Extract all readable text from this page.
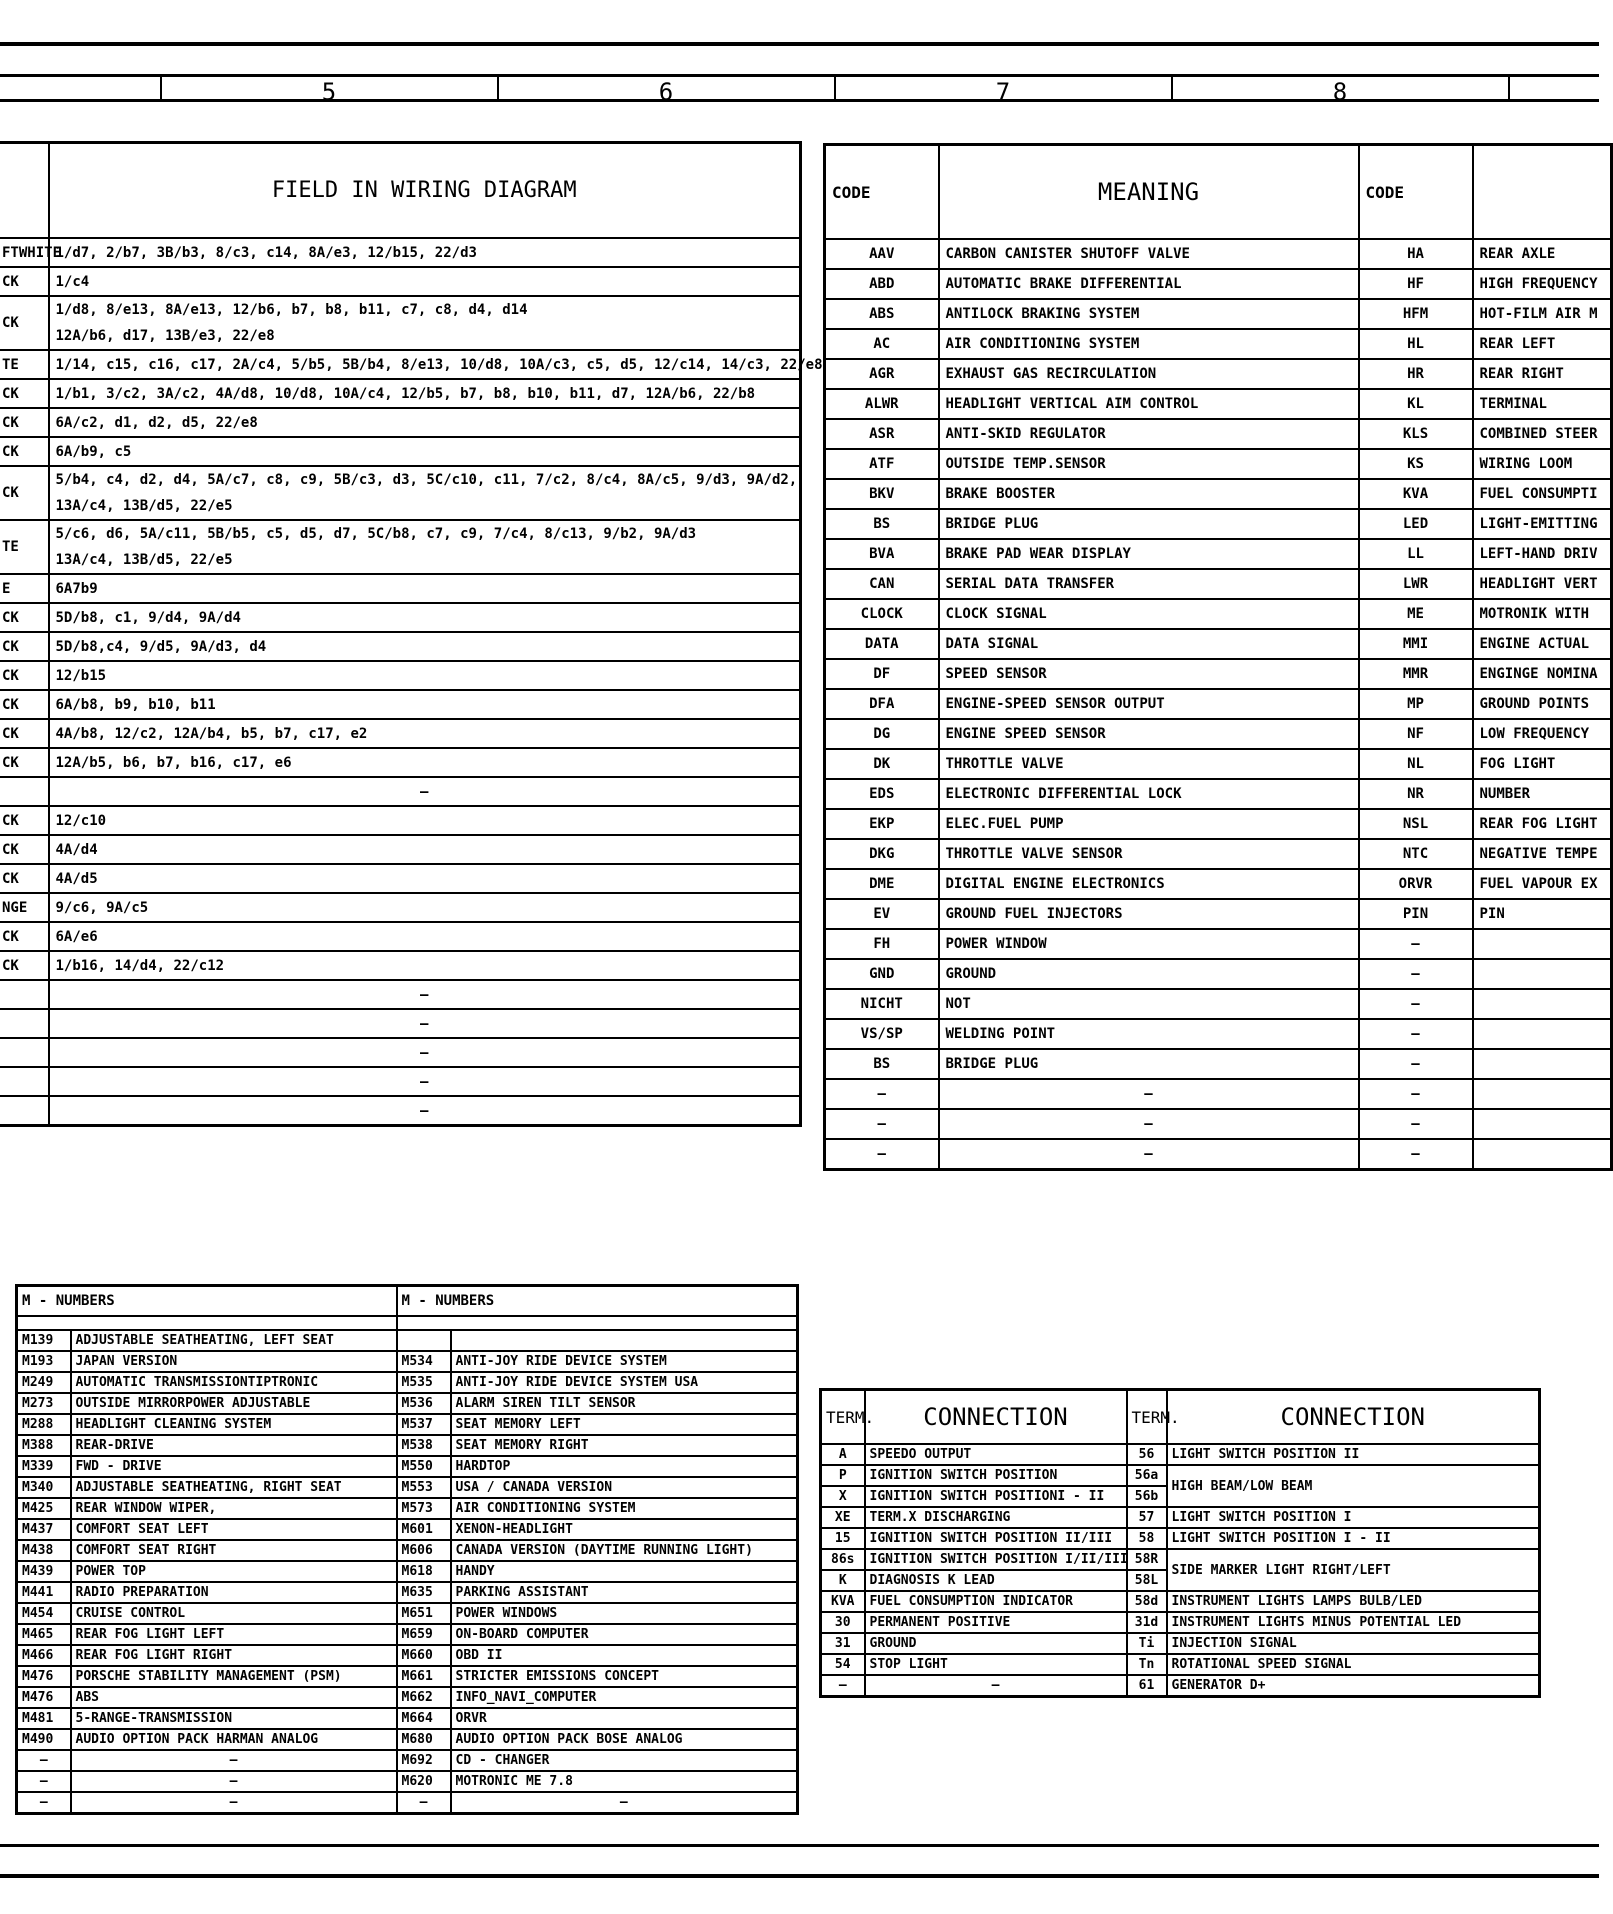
5	6	7	8
	FIELD IN WIRING DIAGRAM
FTWHITE	1/d7, 2/b7, 3B/b3, 8/c3, c14, 8A/e3, 12/b15, 22/d3

CK	1/c4

CK	1/d8, 8/e13, 8A/e13, 12/b6, b7, b8, b11, c7, c8, d4, d14
12A/b6, d17, 13B/e3, 22/e8

TE	1/14, c15, c16, c17, 2A/c4, 5/b5, 5B/b4, 8/e13, 10/d8, 10A/c3, c5, d5, 12/c14, 14/c3, 22/e8

CK	1/b1, 3/c2, 3A/c2, 4A/d8, 10/d8, 10A/c4, 12/b5, b7, b8, b10, b11, d7, 12A/b6, 22/b8

CK	6A/c2, d1, d2, d5, 22/e8

CK	6A/b9, c5

CK	5/b4, c4, d2, d4, 5A/c7, c8, c9, 5B/c3, d3, 5C/c10, c11, 7/c2, 8/c4, 8A/c5, 9/d3, 9A/d2,
13A/c4, 13B/d5, 22/e5

TE	5/c6, d6, 5A/c11, 5B/b5, c5, d5, d7, 5C/b8, c7, c9, 7/c4, 8/c13, 9/b2, 9A/d3
13A/c4, 13B/d5, 22/e5

E	6A7b9

CK	5D/b8, c1, 9/d4, 9A/d4

CK	5D/b8,c4, 9/d5, 9A/d3, d4

CK	12/b15

CK	6A/b8, b9, b10, b11

CK	4A/b8, 12/c2, 12A/b4, b5, b7, c17, e2

CK	12A/b5, b6, b7, b16, c17, e6

	—

CK	12/c10

CK	4A/d4

CK	4A/d5

NGE	9/c6, 9A/c5

CK	6A/e6

CK	1/b16, 14/d4, 22/c12

	—

	—

	—

	—

	—
CODE	MEANING	CODE	
AAV	CARBON CANISTER SHUTOFF VALVE	HA	REAR AXLE
ABD	AUTOMATIC BRAKE DIFFERENTIAL	HF	HIGH FREQUENCY
ABS	ANTILOCK BRAKING SYSTEM	HFM	HOT-FILM AIR M
AC	AIR CONDITIONING SYSTEM	HL	REAR LEFT
AGR	EXHAUST GAS RECIRCULATION	HR	REAR RIGHT
ALWR	HEADLIGHT VERTICAL AIM CONTROL	KL	TERMINAL
ASR	ANTI-SKID REGULATOR	KLS	COMBINED STEER
ATF	OUTSIDE TEMP.SENSOR	KS	WIRING LOOM
BKV	BRAKE BOOSTER	KVA	FUEL CONSUMPTI
BS	BRIDGE PLUG	LED	LIGHT-EMITTING
BVA	BRAKE PAD WEAR DISPLAY	LL	LEFT-HAND DRIV
CAN	SERIAL DATA TRANSFER	LWR	HEADLIGHT VERT
CLOCK	CLOCK SIGNAL	ME	MOTRONIK WITH
DATA	DATA SIGNAL	MMI	ENGINE ACTUAL
DF	SPEED SENSOR	MMR	ENGINGE NOMINA
DFA	ENGINE-SPEED SENSOR OUTPUT	MP	GROUND POINTS
DG	ENGINE SPEED SENSOR	NF	LOW FREQUENCY
DK	THROTTLE VALVE	NL	FOG LIGHT
EDS	ELECTRONIC DIFFERENTIAL LOCK	NR	NUMBER
EKP	ELEC.FUEL PUMP	NSL	REAR FOG LIGHT
DKG	THROTTLE VALVE SENSOR	NTC	NEGATIVE TEMPE
DME	DIGITAL ENGINE ELECTRONICS	ORVR	FUEL VAPOUR EX
EV	GROUND FUEL INJECTORS	PIN	PIN
FH	POWER WINDOW	—	
GND	GROUND	—	
NICHT	NOT	—	
VS/SP	WELDING POINT	—	
BS	BRIDGE PLUG	—	
—	—	—	
—	—	—	
—	—	—	
M - NUMBERS		M - NUMBERS	

M139	ADJUSTABLE SEATHEATING, LEFT SEAT		
M193	JAPAN VERSION	M534	ANTI-JOY RIDE DEVICE SYSTEM
M249	AUTOMATIC TRANSMISSIONTIPTRONIC	M535	ANTI-JOY RIDE DEVICE SYSTEM USA
M273	OUTSIDE MIRRORPOWER ADJUSTABLE	M536	ALARM SIREN TILT SENSOR
M288	HEADLIGHT CLEANING SYSTEM	M537	SEAT MEMORY LEFT
M388	REAR-DRIVE	M538	SEAT MEMORY RIGHT
M339	FWD - DRIVE	M550	HARDTOP
M340	ADJUSTABLE SEATHEATING, RIGHT SEAT	M553	USA / CANADA VERSION
M425	REAR WINDOW WIPER,	M573	AIR CONDITIONING SYSTEM
M437	COMFORT SEAT LEFT	M601	XENON-HEADLIGHT
M438	COMFORT SEAT RIGHT	M606	CANADA VERSION (DAYTIME RUNNING LIGHT)
M439	POWER TOP	M618	HANDY
M441	RADIO PREPARATION	M635	PARKING ASSISTANT
M454	CRUISE CONTROL	M651	POWER WINDOWS
M465	REAR FOG LIGHT LEFT	M659	ON-BOARD COMPUTER
M466	REAR FOG LIGHT RIGHT	M660	OBD II
M476	PORSCHE STABILITY MANAGEMENT (PSM)	M661	STRICTER EMISSIONS CONCEPT
M476	ABS	M662	INFO_NAVI_COMPUTER
M481	5-RANGE-TRANSMISSION	M664	ORVR
M490	AUDIO OPTION PACK HARMAN ANALOG	M680	AUDIO OPTION PACK BOSE ANALOG
—	—	M692	CD - CHANGER
—	—	M620	MOTRONIC ME 7.8
—	—	—	—
TERM.	CONNECTION	TERM.	CONNECTION
A	SPEEDO OUTPUT	56	LIGHT SWITCH POSITION II
P	IGNITION SWITCH POSITION	56a	HIGH BEAM/LOW BEAM
X	IGNITION SWITCH POSITIONI - II	56b	
XE	TERM.X DISCHARGING	57	LIGHT SWITCH POSITION I
15	IGNITION SWITCH POSITION II/III	58	LIGHT SWITCH POSITION I - II
86s	IGNITION SWITCH POSITION I/II/III	58R	SIDE MARKER LIGHT RIGHT/LEFT
K	DIAGNOSIS K LEAD	58L	
KVA	FUEL CONSUMPTION INDICATOR	58d	INSTRUMENT LIGHTS LAMPS BULB/LED
30	PERMANENT POSITIVE	31d	INSTRUMENT LIGHTS MINUS POTENTIAL LED
31	GROUND	Ti	INJECTION SIGNAL
54	STOP LIGHT	Tn	ROTATIONAL SPEED SIGNAL
—	—	61	GENERATOR D+
